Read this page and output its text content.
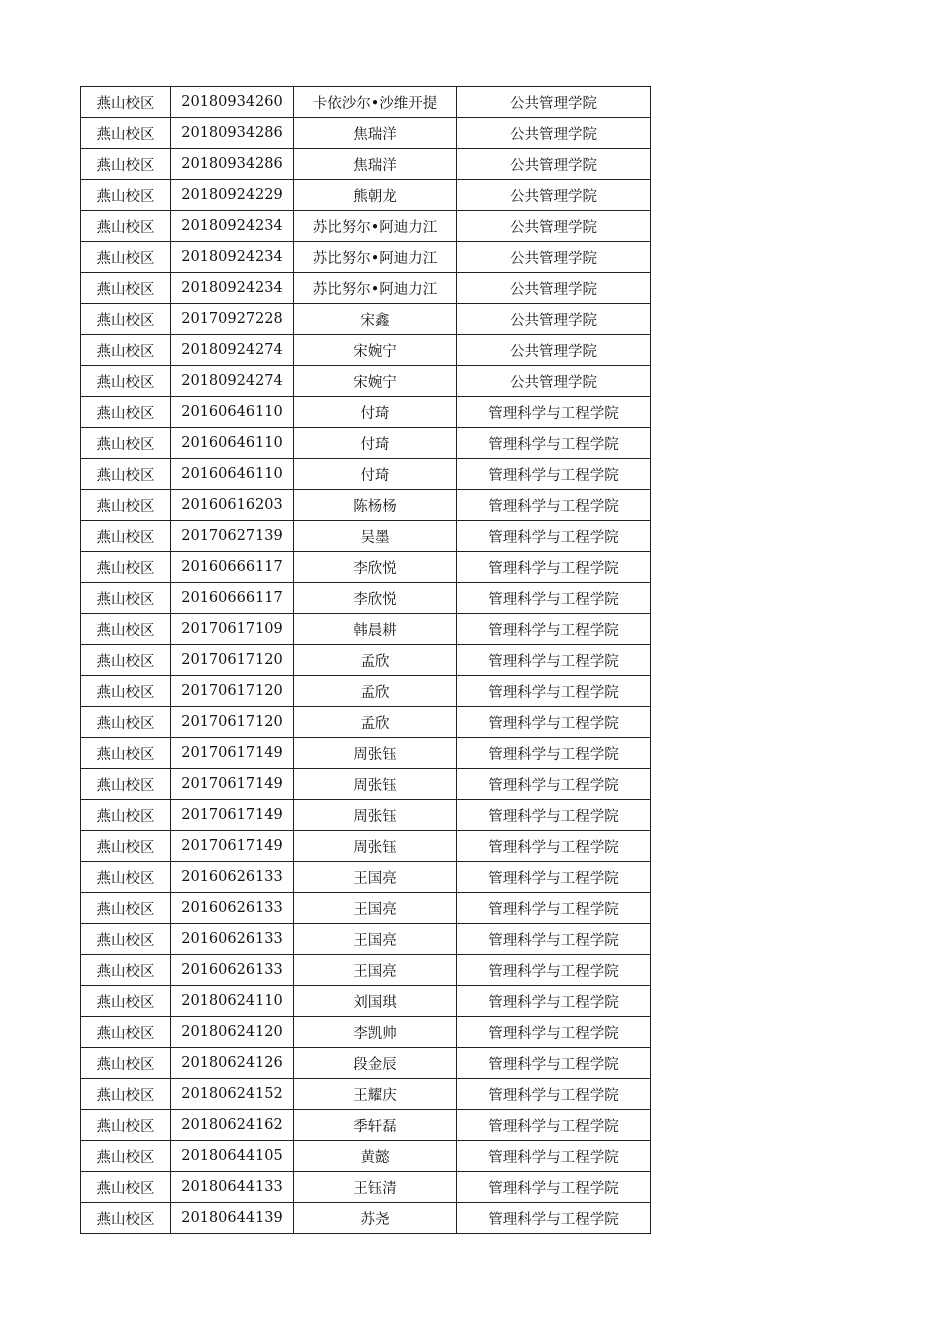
燕山校区	20180934260	卡依沙尔•沙维开提	公共管理学院
燕山校区	20180934286	焦瑞洋	公共管理学院
燕山校区	20180934286	焦瑞洋	公共管理学院
燕山校区	20180924229	熊朝龙	公共管理学院
燕山校区	20180924234	苏比努尔•阿迪力江	公共管理学院
燕山校区	20180924234	苏比努尔•阿迪力江	公共管理学院
燕山校区	20180924234	苏比努尔•阿迪力江	公共管理学院
燕山校区	20170927228	宋鑫	公共管理学院
燕山校区	20180924274	宋婉宁	公共管理学院
燕山校区	20180924274	宋婉宁	公共管理学院
燕山校区	20160646110	付琦	管理科学与工程学院
燕山校区	20160646110	付琦	管理科学与工程学院
燕山校区	20160646110	付琦	管理科学与工程学院
燕山校区	20160616203	陈杨杨	管理科学与工程学院
燕山校区	20170627139	吴墨	管理科学与工程学院
燕山校区	20160666117	李欣悦	管理科学与工程学院
燕山校区	20160666117	李欣悦	管理科学与工程学院
燕山校区	20170617109	韩晨耕	管理科学与工程学院
燕山校区	20170617120	孟欣	管理科学与工程学院
燕山校区	20170617120	孟欣	管理科学与工程学院
燕山校区	20170617120	孟欣	管理科学与工程学院
燕山校区	20170617149	周张钰	管理科学与工程学院
燕山校区	20170617149	周张钰	管理科学与工程学院
燕山校区	20170617149	周张钰	管理科学与工程学院
燕山校区	20170617149	周张钰	管理科学与工程学院
燕山校区	20160626133	王国亮	管理科学与工程学院
燕山校区	20160626133	王国亮	管理科学与工程学院
燕山校区	20160626133	王国亮	管理科学与工程学院
燕山校区	20160626133	王国亮	管理科学与工程学院
燕山校区	20180624110	刘国琪	管理科学与工程学院
燕山校区	20180624120	李凯帅	管理科学与工程学院
燕山校区	20180624126	段金辰	管理科学与工程学院
燕山校区	20180624152	王耀庆	管理科学与工程学院
燕山校区	20180624162	季轩磊	管理科学与工程学院
燕山校区	20180644105	黄懿	管理科学与工程学院
燕山校区	20180644133	王钰清	管理科学与工程学院
燕山校区	20180644139	苏尧	管理科学与工程学院
